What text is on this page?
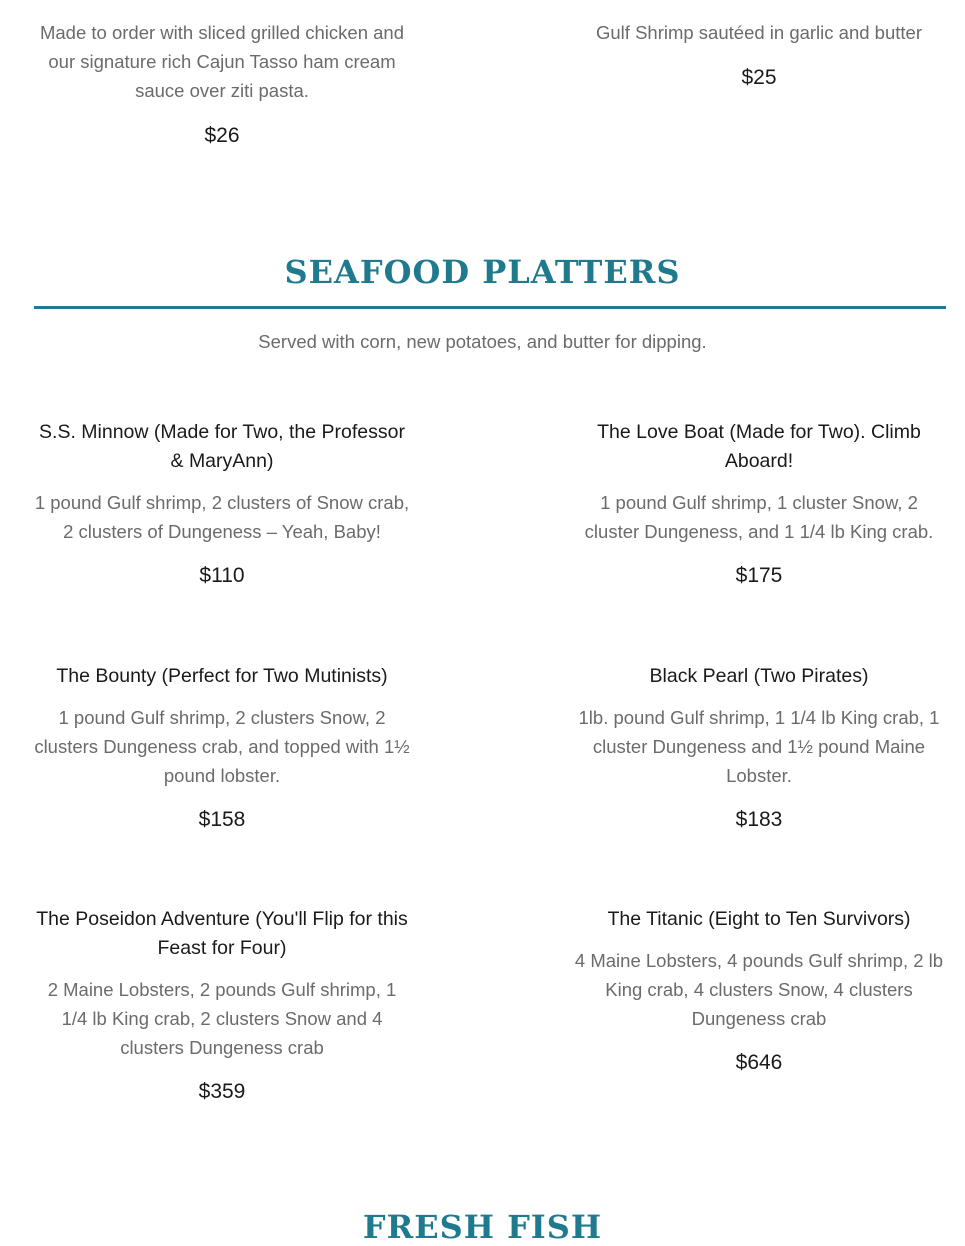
Made to order with sliced grilled chicken and our signature rich Cajun Tasso ham cream sauce over ziti pasta.

$26

Gulf Shrimp sautéed in garlic and butter

$25

SEAFOOD PLATTERS

Served with corn, new potatoes, and butter for dipping.

S.S. Minnow (Made for Two, the Professor & MaryAnn)

1 pound Gulf shrimp, 2 clusters of Snow crab, 2 clusters of Dungeness – Yeah, Baby!

$110

The Love Boat (Made for Two). Climb Aboard!

1 pound Gulf shrimp, 1 cluster Snow, 2 cluster Dungeness, and 1 1/4 lb King crab.

$175

The Bounty (Perfect for Two Mutinists)

1 pound Gulf shrimp, 2 clusters Snow, 2 clusters Dungeness crab, and topped with 1½ pound lobster.

$158

Black Pearl (Two Pirates)

1lb. pound Gulf shrimp, 1 1/4 lb King crab, 1 cluster Dungeness and 1½ pound Maine Lobster.

$183

The Poseidon Adventure (You'll Flip for this Feast for Four)

2 Maine Lobsters, 2 pounds Gulf shrimp, 1 1/4 lb King crab, 2 clusters Snow and 4 clusters Dungeness crab

$359

The Titanic (Eight to Ten Survivors)

4 Maine Lobsters, 4 pounds Gulf shrimp, 2 lb King crab, 4 clusters Snow, 4 clusters Dungeness crab

$646

FRESH FISH
